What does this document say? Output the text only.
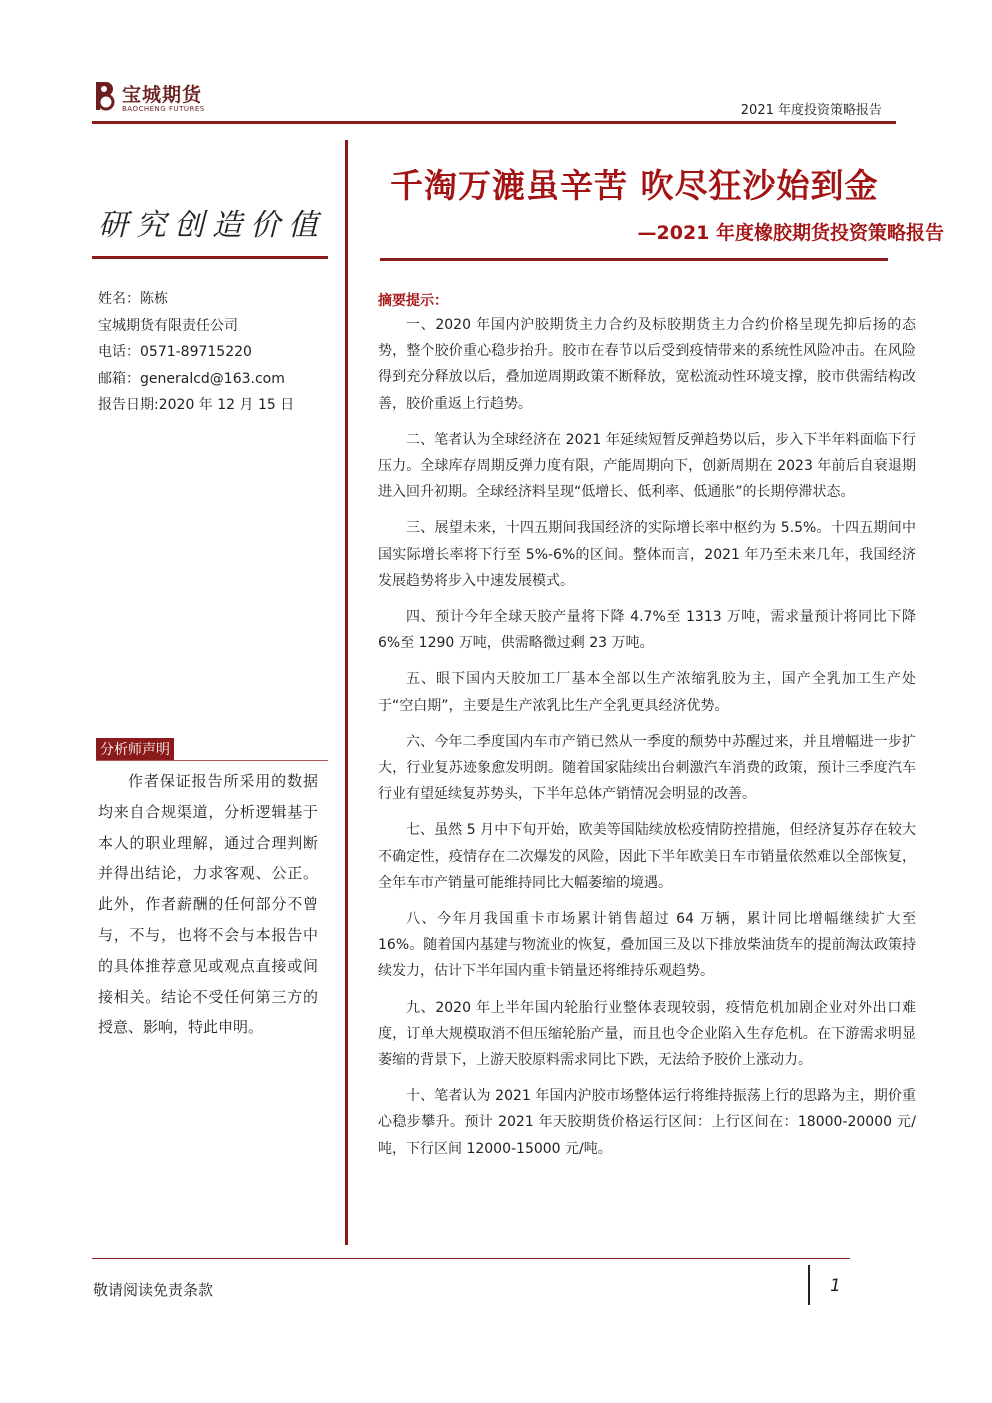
宝城期货
BAOCHENG FUTURES	2021 年度投资策略报告
研究创造价值
姓名：陈栋
宝城期货有限责任公司
电话：0571-89715220
邮箱：generalcd@163.com
报告日期:2020 年 12 月 15 日
分析师声明
作者保证报告所采用的数据均来自合规渠道，分析逻辑基于本人的职业理解，通过合理判断并得出结论，力求客观、公正。此外，作者薪酬的任何部分不曾与，不与，也将不会与本报告中的具体推荐意见或观点直接或间接相关。结论不受任何第三方的授意、影响，特此申明。
千淘万漉虽辛苦 吹尽狂沙始到金
—2021 年度橡胶期货投资策略报告
摘要提示：

一、2020 年国内沪胶期货主力合约及标胶期货主力合约价格呈现先抑后扬的态势，整个胶价重心稳步抬升。胶市在春节以后受到疫情带来的系统性风险冲击。在风险得到充分释放以后，叠加逆周期政策不断释放，宽松流动性环境支撑，胶市供需结构改善，胶价重返上行趋势。

二、笔者认为全球经济在 2021 年延续短暂反弹趋势以后，步入下半年料面临下行压力。全球库存周期反弹力度有限，产能周期向下，创新周期在 2023 年前后自衰退期进入回升初期。全球经济料呈现“低增长、低利率、低通胀”的长期停滞状态。

三、展望未来，十四五期间我国经济的实际增长率中枢约为 5.5%。十四五期间中国实际增长率将下行至 5%-6%的区间。整体而言，2021 年乃至未来几年，我国经济发展趋势将步入中速发展模式。

四、预计今年全球天胶产量将下降 4.7%至 1313 万吨，需求量预计将同比下降 6%至 1290 万吨，供需略微过剩 23 万吨。

五、眼下国内天胶加工厂基本全部以生产浓缩乳胶为主，国产全乳加工生产处于“空白期”，主要是生产浓乳比生产全乳更具经济优势。

六、今年二季度国内车市产销已然从一季度的颓势中苏醒过来，并且增幅进一步扩大，行业复苏迹象愈发明朗。随着国家陆续出台刺激汽车消费的政策，预计三季度汽车行业有望延续复苏势头，下半年总体产销情况会明显的改善。

七、虽然 5 月中下旬开始，欧美等国陆续放松疫情防控措施，但经济复苏存在较大不确定性，疫情存在二次爆发的风险，因此下半年欧美日车市销量依然难以全部恢复，全年车市产销量可能维持同比大幅萎缩的境遇。

八、今年月我国重卡市场累计销售超过 64 万辆，累计同比增幅继续扩大至 16%。随着国内基建与物流业的恢复，叠加国三及以下排放柴油货车的提前淘汰政策持续发力，估计下半年国内重卡销量还将维持乐观趋势。

九、2020 年上半年国内轮胎行业整体表现较弱，疫情危机加剧企业对外出口难度，订单大规模取消不但压缩轮胎产量，而且也令企业陷入生存危机。在下游需求明显萎缩的背景下，上游天胶原料需求同比下跌，无法给予胶价上涨动力。

十、笔者认为 2021 年国内沪胶市场整体运行将维持振荡上行的思路为主，期价重心稳步攀升。预计 2021 年天胶期货价格运行区间：上行区间在：18000-20000 元/吨，下行区间 12000-15000 元/吨。

敬请阅读免责条款	1
